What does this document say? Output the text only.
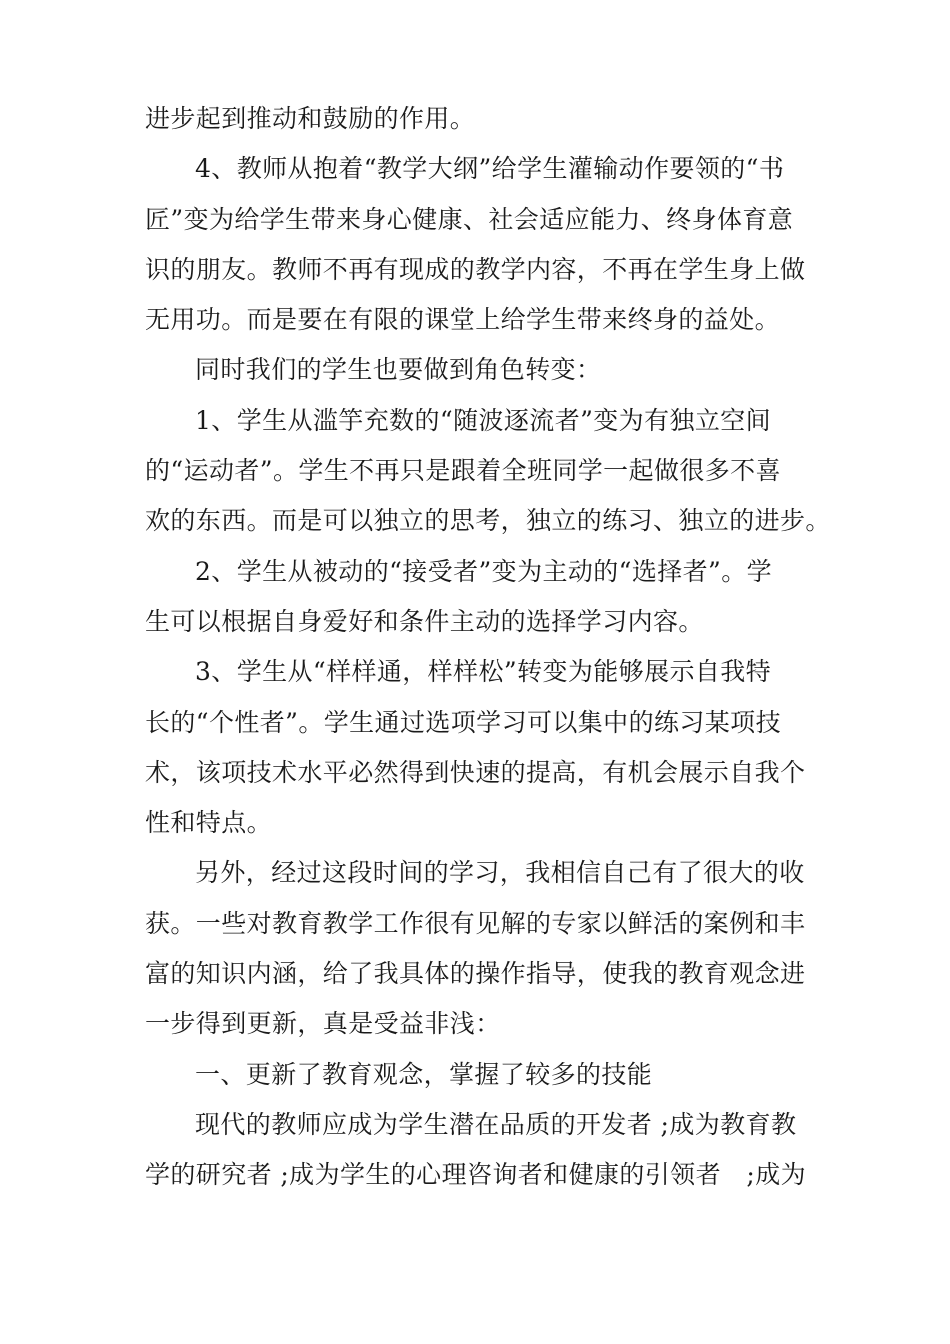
进步起到推动和鼓励的作用。
4、教师从抱着“教学大纲”给学生灌输动作要领的“书
匠”变为给学生带来身心健康、社会适应能力、终身体育意
识的朋友。教师不再有现成的教学内容，不再在学生身上做
无用功。而是要在有限的课堂上给学生带来终身的益处。
同时我们的学生也要做到角色转变：
1、学生从滥竽充数的“随波逐流者”变为有独立空间
的“运动者”。学生不再只是跟着全班同学一起做很多不喜
欢的东西。而是可以独立的思考，独立的练习、独立的进步。
2、学生从被动的“接受者”变为主动的“选择者”。学
生可以根据自身爱好和条件主动的选择学习内容。
3、学生从“样样通，样样松”转变为能够展示自我特
长的“个性者”。学生通过选项学习可以集中的练习某项技
术，该项技术水平必然得到快速的提高，有机会展示自我个
性和特点。
另外，经过这段时间的学习，我相信自己有了很大的收
获。一些对教育教学工作很有见解的专家以鲜活的案例和丰
富的知识内涵，给了我具体的操作指导，使我的教育观念进
一步得到更新，真是受益非浅：
一、更新了教育观念，掌握了较多的技能
现代的教师应成为学生潜在品质的开发者 ;成为教育教
学的研究者 ;成为学生的心理咨询者和健康的引领者　;成为
